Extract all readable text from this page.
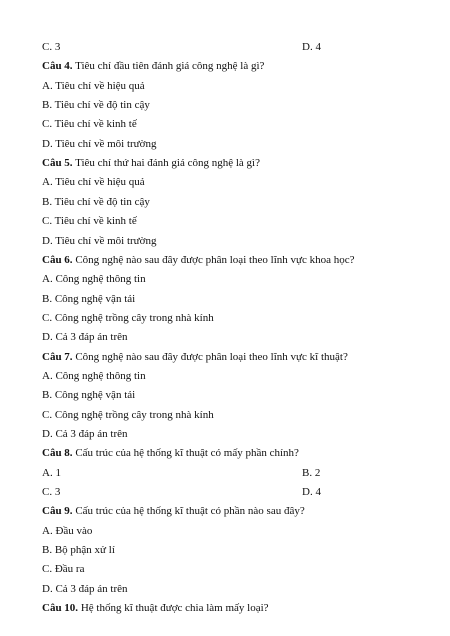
C. 3	D. 4
Câu 4. Tiêu chí đầu tiên đánh giá công nghệ là gì?
A. Tiêu chí về hiệu quả
B. Tiêu chí về độ tin cậy
C. Tiêu chí về kinh tế
D. Tiêu chí về môi trường
Câu 5. Tiêu chí thứ hai đánh giá công nghệ là gì?
A. Tiêu chí về hiệu quả
B. Tiêu chí về độ tin cậy
C. Tiêu chí về kinh tế
D. Tiêu chí về môi trường
Câu 6. Công nghệ nào sau đây được phân loại theo lĩnh vực khoa học?
A. Công nghệ thông tin
B. Công nghệ vận tải
C. Công nghệ trồng cây trong nhà kính
D. Cả 3 đáp án trên
Câu 7. Công nghệ nào sau đây được phân loại theo lĩnh vực kĩ thuật?
A. Công nghệ thông tin
B. Công nghệ vận tải
C. Công nghệ trồng cây trong nhà kính
D. Cả 3 đáp án trên
Câu 8. Cấu trúc của hệ thống kĩ thuật có mấy phần chính?
A. 1	B. 2
C. 3	D. 4
Câu 9. Cấu trúc của hệ thống kĩ thuật có phần nào sau đây?
A. Đầu vào
B. Bộ phận xử lí
C. Đầu ra
D. Cả 3 đáp án trên
Câu 10. Hệ thống kĩ thuật được chia làm mấy loại?
